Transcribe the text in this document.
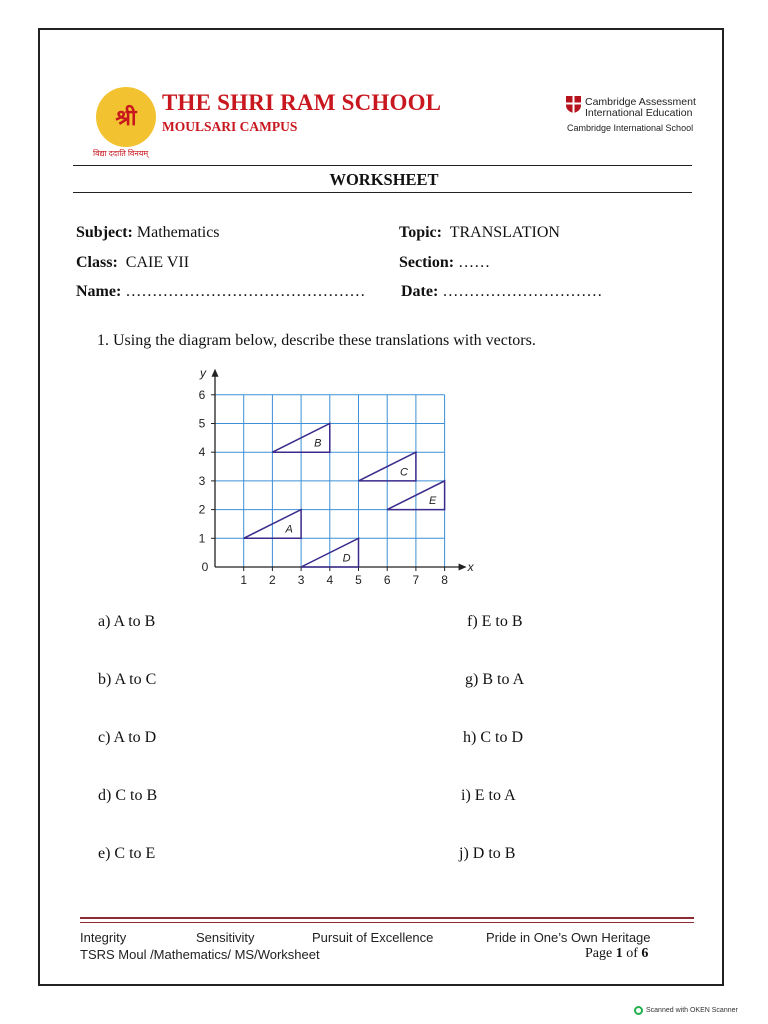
श्री
विद्या ददाति विनयम्
THE SHRI RAM SCHOOL
MOULSARI CAMPUS
Cambridge Assessment
International Education
Cambridge International School
WORKSHEET
Subject: Mathematics	Topic: TRANSLATION
Class: CAIE VII	Section: ……
Name: ……………………………………… Date: …………………………
1. Using the diagram below, describe these translations with vectors.
1 2 3 4 5 6 7 8
1
2
3
4
5
6
0	x
y
A
B
C
D
E
a) A to B
b) A to C
c) A to D
d) C to B
e) C to E
f) E to B
g) B to A
h) C to D
i) E to A
j) D to B
Integrity	Sensitivity	Pursuit of Excellence	Pride in One’s Own Heritage
TSRS Moul /Mathematics/ MS/Worksheet	Page 1 of 6
Scanned with OKEN Scanner
